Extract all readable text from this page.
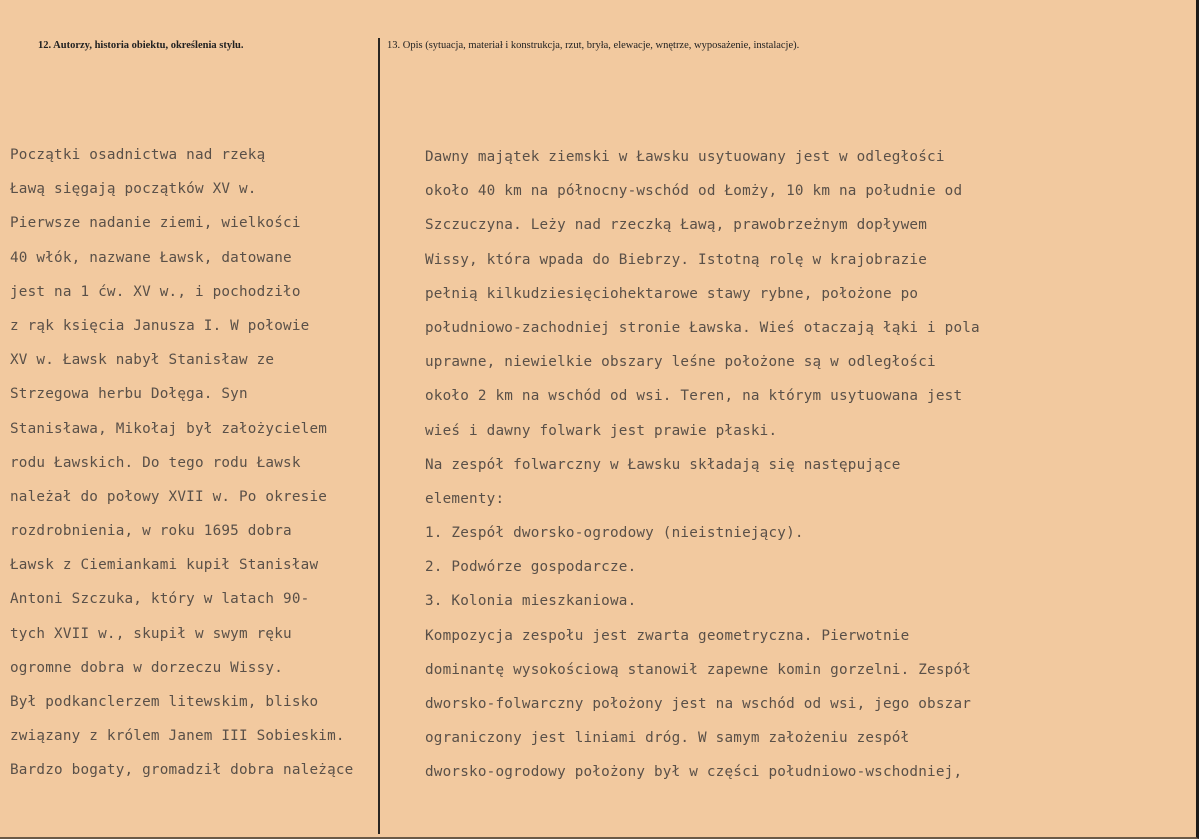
12. Autorzy, historia obiektu, określenia stylu.	13. Opis (sytuacja, materiał i konstrukcja, rzut, bryła, elewacje, wnętrze, wyposażenie, instalacje).
Początki osadnictwa nad rzeką
Ławą sięgają początków XV w.
Pierwsze nadanie ziemi, wielkości
40 włók, nazwane Ławsk, datowane
jest na 1 ćw. XV w., i pochodziło
z rąk księcia Janusza I. W połowie
XV w. Ławsk nabył Stanisław ze
Strzegowa herbu Dołęga. Syn
Stanisława, Mikołaj był założycielem
rodu Ławskich. Do tego rodu Ławsk
należał do połowy XVII w. Po okresie
rozdrobnienia, w roku 1695 dobra
Ławsk z Ciemiankami kupił Stanisław
Antoni Szczuka, który w latach 90-
tych XVII w., skupił w swym ręku
ogromne dobra w dorzeczu Wissy.
Był podkanclerzem litewskim, blisko
związany z królem Janem III Sobieskim.
Bardzo bogaty, gromadził dobra należące
Dawny majątek ziemski w Ławsku usytuowany jest w odległości
około 40 km na północny-wschód od Łomży, 10 km na południe od
Szczuczyna. Leży nad rzeczką Ławą, prawobrzeżnym dopływem
Wissy, która wpada do Biebrzy. Istotną rolę w krajobrazie
pełnią kilkudziesięciohektarowe stawy rybne, położone po
południowo-zachodniej stronie Ławska. Wieś otaczają łąki i pola
uprawne, niewielkie obszary leśne położone są w odległości
około 2 km na wschód od wsi. Teren, na którym usytuowana jest
wieś i dawny folwark jest prawie płaski.
Na zespół folwarczny w Ławsku składają się następujące
elementy:
1. Zespół dworsko-ogrodowy (nieistniejący).
2. Podwórze gospodarcze.
3. Kolonia mieszkaniowa.
Kompozycja zespołu jest zwarta geometryczna. Pierwotnie
dominantę wysokościową stanowił zapewne komin gorzelni. Zespół
dworsko-folwarczny położony jest na wschód od wsi, jego obszar
ograniczony jest liniami dróg. W samym założeniu zespół
dworsko-ogrodowy położony był w części południowo-wschodniej,
